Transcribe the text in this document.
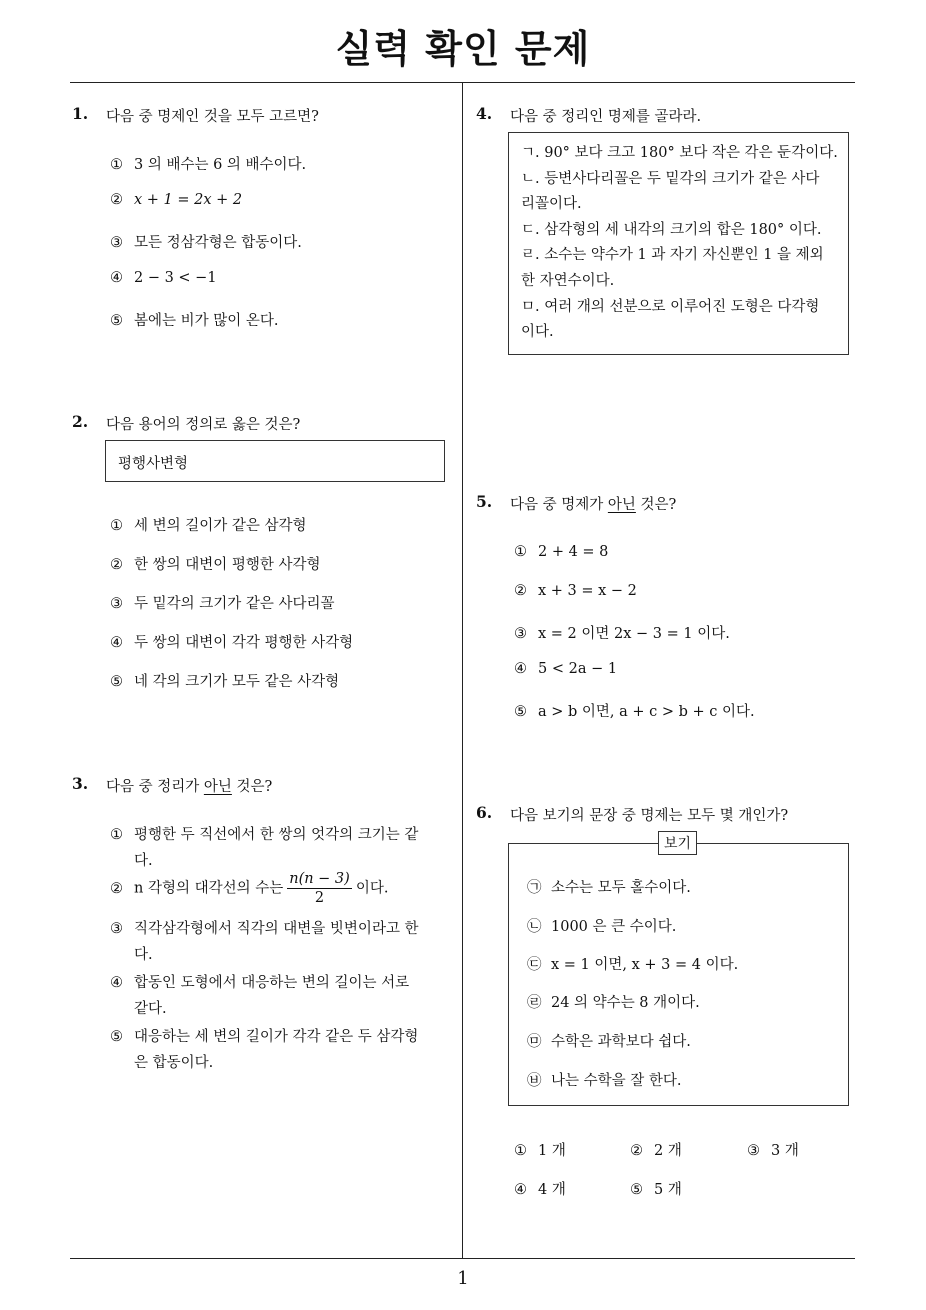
실력 확인 문제
1
1. 다음 중 명제인 것을 모두 고르면?
① 3 의 배수는 6 의 배수이다.
② x + 1 = 2x + 2
③ 모든 정삼각형은 합동이다.
④ 2 − 3 < −1
⑤ 봄에는 비가 많이 온다.
2. 다음 용어의 정의로 옳은 것은?
평행사변형
① 세 변의 길이가 같은 삼각형
② 한 쌍의 대변이 평행한 사각형
③ 두 밑각의 크기가 같은 사다리꼴
④ 두 쌍의 대변이 각각 평행한 사각형
⑤ 네 각의 크기가 모두 같은 사각형
3. 다음 중 정리가 아닌 것은?
① 평행한 두 직선에서 한 쌍의 엇각의 크기는 같다.
② n 각형의 대각선의 수는 $\frac{n(n - 3)}{2}$ 이다.
③ 직각삼각형에서 직각의 대변을 빗변이라고 한다.
④ 합동인 도형에서 대응하는 변의 길이는 서로 같다.
⑤ 대응하는 세 변의 길이가 각각 같은 두 삼각형은 합동이다.
4. 다음 중 정리인 명제를 골라라.
ㄱ. 90° 보다 크고 180° 보다 작은 각은 둔각이다.
ㄴ. 등변사다리꼴은 두 밑각의 크기가 같은 사다
리꼴이다.
ㄷ. 삼각형의 세 내각의 크기의 합은 180° 이다.
ㄹ. 소수는 약수가 1 과 자기 자신뿐인 1 을 제외
한 자연수이다.
ㅁ. 여러 개의 선분으로 이루어진 도형은 다각형
이다.
5. 다음 중 명제가 아닌 것은?
① 2 + 4 = 8
② x + 3 = x − 2
③ x = 2 이면 2x − 3 = 1 이다.
④ 5 < 2a − 1
⑤ a > b 이면, a + c > b + c 이다.
6. 다음 보기의 문장 중 명제는 모두 몇 개인가?
㉠ 소수는 모두 홀수이다.
㉡ 1000 은 큰 수이다.
㉢ x = 1 이면, x + 3 = 4 이다.
㉣ 24 의 약수는 8 개이다.
㉤ 수학은 과학보다 쉽다.
㉥ 나는 수학을 잘 한다.
보기
① 1 개	② 2 개	③ 3 개
④ 4 개	⑤ 5 개
